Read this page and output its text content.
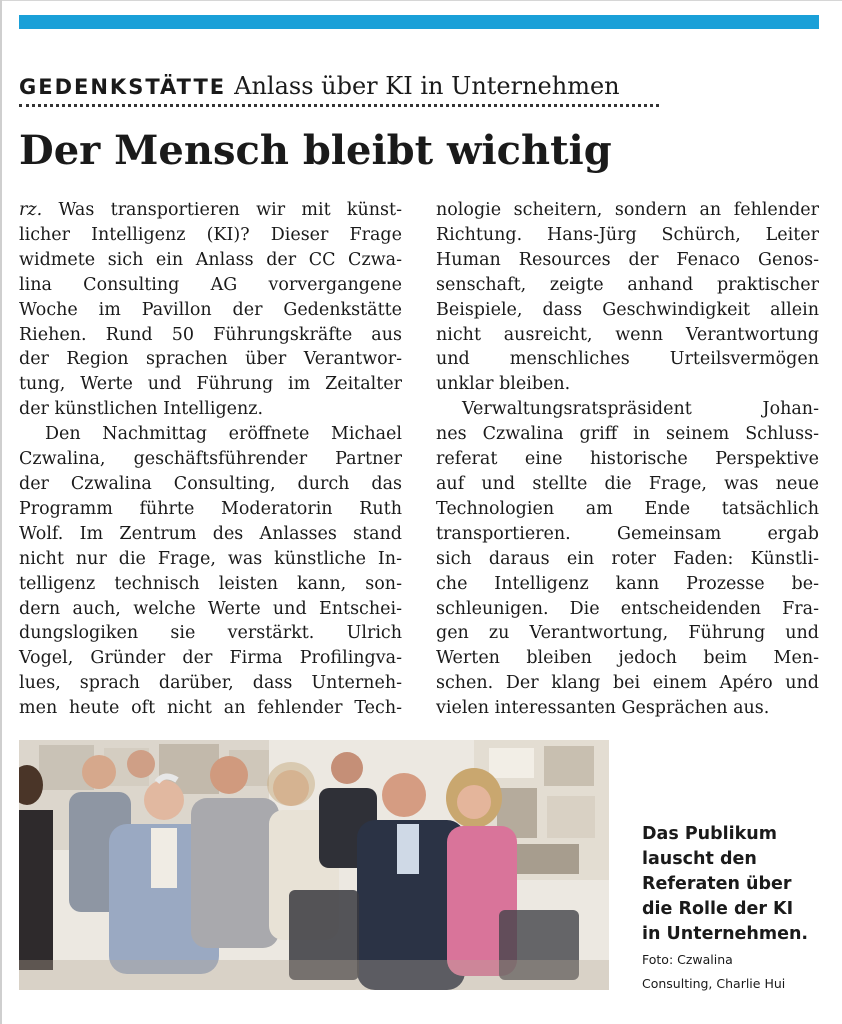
GEDENKSTÄTTE Anlass über KI in Unternehmen
Der Mensch bleibt wichtig
rz. Was transportieren wir mit künst-
licher Intelligenz (KI)? Dieser Frage
widmete sich ein Anlass der CC Czwa-
lina Consulting AG vorvergangene
Woche im Pavillon der Gedenkstätte
Riehen. Rund 50 Führungskräfte aus
der Region sprachen über Verantwor-
tung, Werte und Führung im Zeitalter
der künstlichen Intelligenz.
Den Nachmittag eröffnete Michael
Czwalina, geschäftsführender Partner
der Czwalina Consulting, durch das
Programm führte Moderatorin Ruth
Wolf. Im Zentrum des Anlasses stand
nicht nur die Frage, was künstliche In-
telligenz technisch leisten kann, son-
dern auch, welche Werte und Entschei-
dungslogiken sie verstärkt. Ulrich
Vogel, Gründer der Firma Profilingva-
lues, sprach darüber, dass Unterneh-
men heute oft nicht an fehlender Tech-
nologie scheitern, sondern an fehlender
Richtung. Hans-Jürg Schürch, Leiter
Human Resources der Fenaco Genos-
senschaft, zeigte anhand praktischer
Beispiele, dass Geschwindigkeit allein
nicht ausreicht, wenn Verantwortung
und menschliches Urteilsvermögen
unklar bleiben.
Verwaltungsratspräsident Johan-
nes Czwalina griff in seinem Schluss-
referat eine historische Perspektive
auf und stellte die Frage, was neue
Technologien am Ende tatsächlich
transportieren. Gemeinsam ergab
sich daraus ein roter Faden: Künstli-
che Intelligenz kann Prozesse be-
schleunigen. Die entscheidenden Fra-
gen zu Verantwortung, Führung und
Werten bleiben jedoch beim Men-
schen. Der klang bei einem Apéro und
vielen interessanten Gesprächen aus.
Das Publikum
lauscht den
Referaten über
die Rolle der KI
in Unternehmen.
Foto: Czwalina
Consulting, Charlie Hui
